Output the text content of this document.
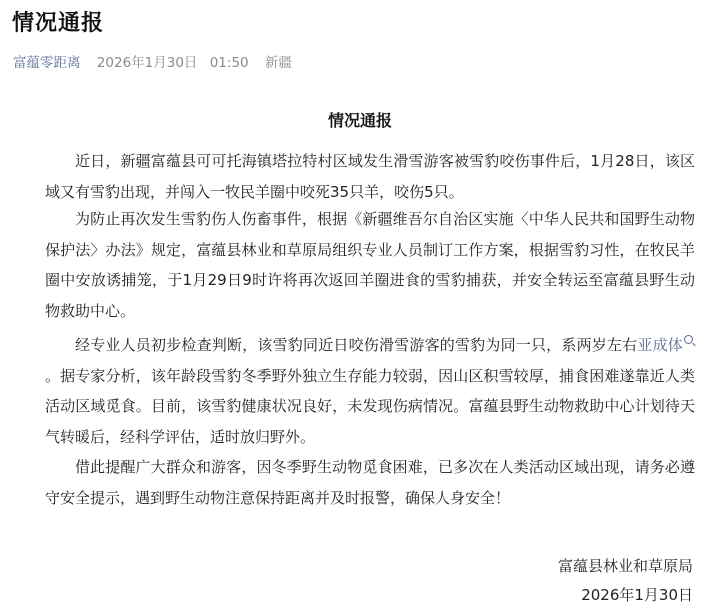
情况通报
富蕴零距离 2026年1月30日 01:50 新疆
情况通报

近日，新疆富蕴县可可托海镇塔拉特村区域发生滑雪游客被雪豹咬伤事件后，1月28日，该区域又有雪豹出现，并闯入一牧民羊圈中咬死35只羊，咬伤5只。

为防止再次发生雪豹伤人伤畜事件，根据《新疆维吾尔自治区实施〈中华人民共和国野生动物保护法〉办法》规定，富蕴县林业和草原局组织专业人员制订工作方案，根据雪豹习性，在牧民羊圈中安放诱捕笼，于1月29日9时许将再次返回羊圈进食的雪豹捕获，并安全转运至富蕴县野生动物救助中心。

经专业人员初步检查判断，该雪豹同近日咬伤滑雪游客的雪豹为同一只，系两岁左右亚成体。据专家分析，该年龄段雪豹冬季野外独立生存能力较弱，因山区积雪较厚，捕食困难遂靠近人类活动区域觅食。目前，该雪豹健康状况良好，未发现伤病情况。富蕴县野生动物救助中心计划待天气转暖后，经科学评估，适时放归野外。

借此提醒广大群众和游客，因冬季野生动物觅食困难，已多次在人类活动区域出现，请务必遵守安全提示，遇到野生动物注意保持距离并及时报警，确保人身安全！

富蕴县林业和草原局
2026年1月30日
